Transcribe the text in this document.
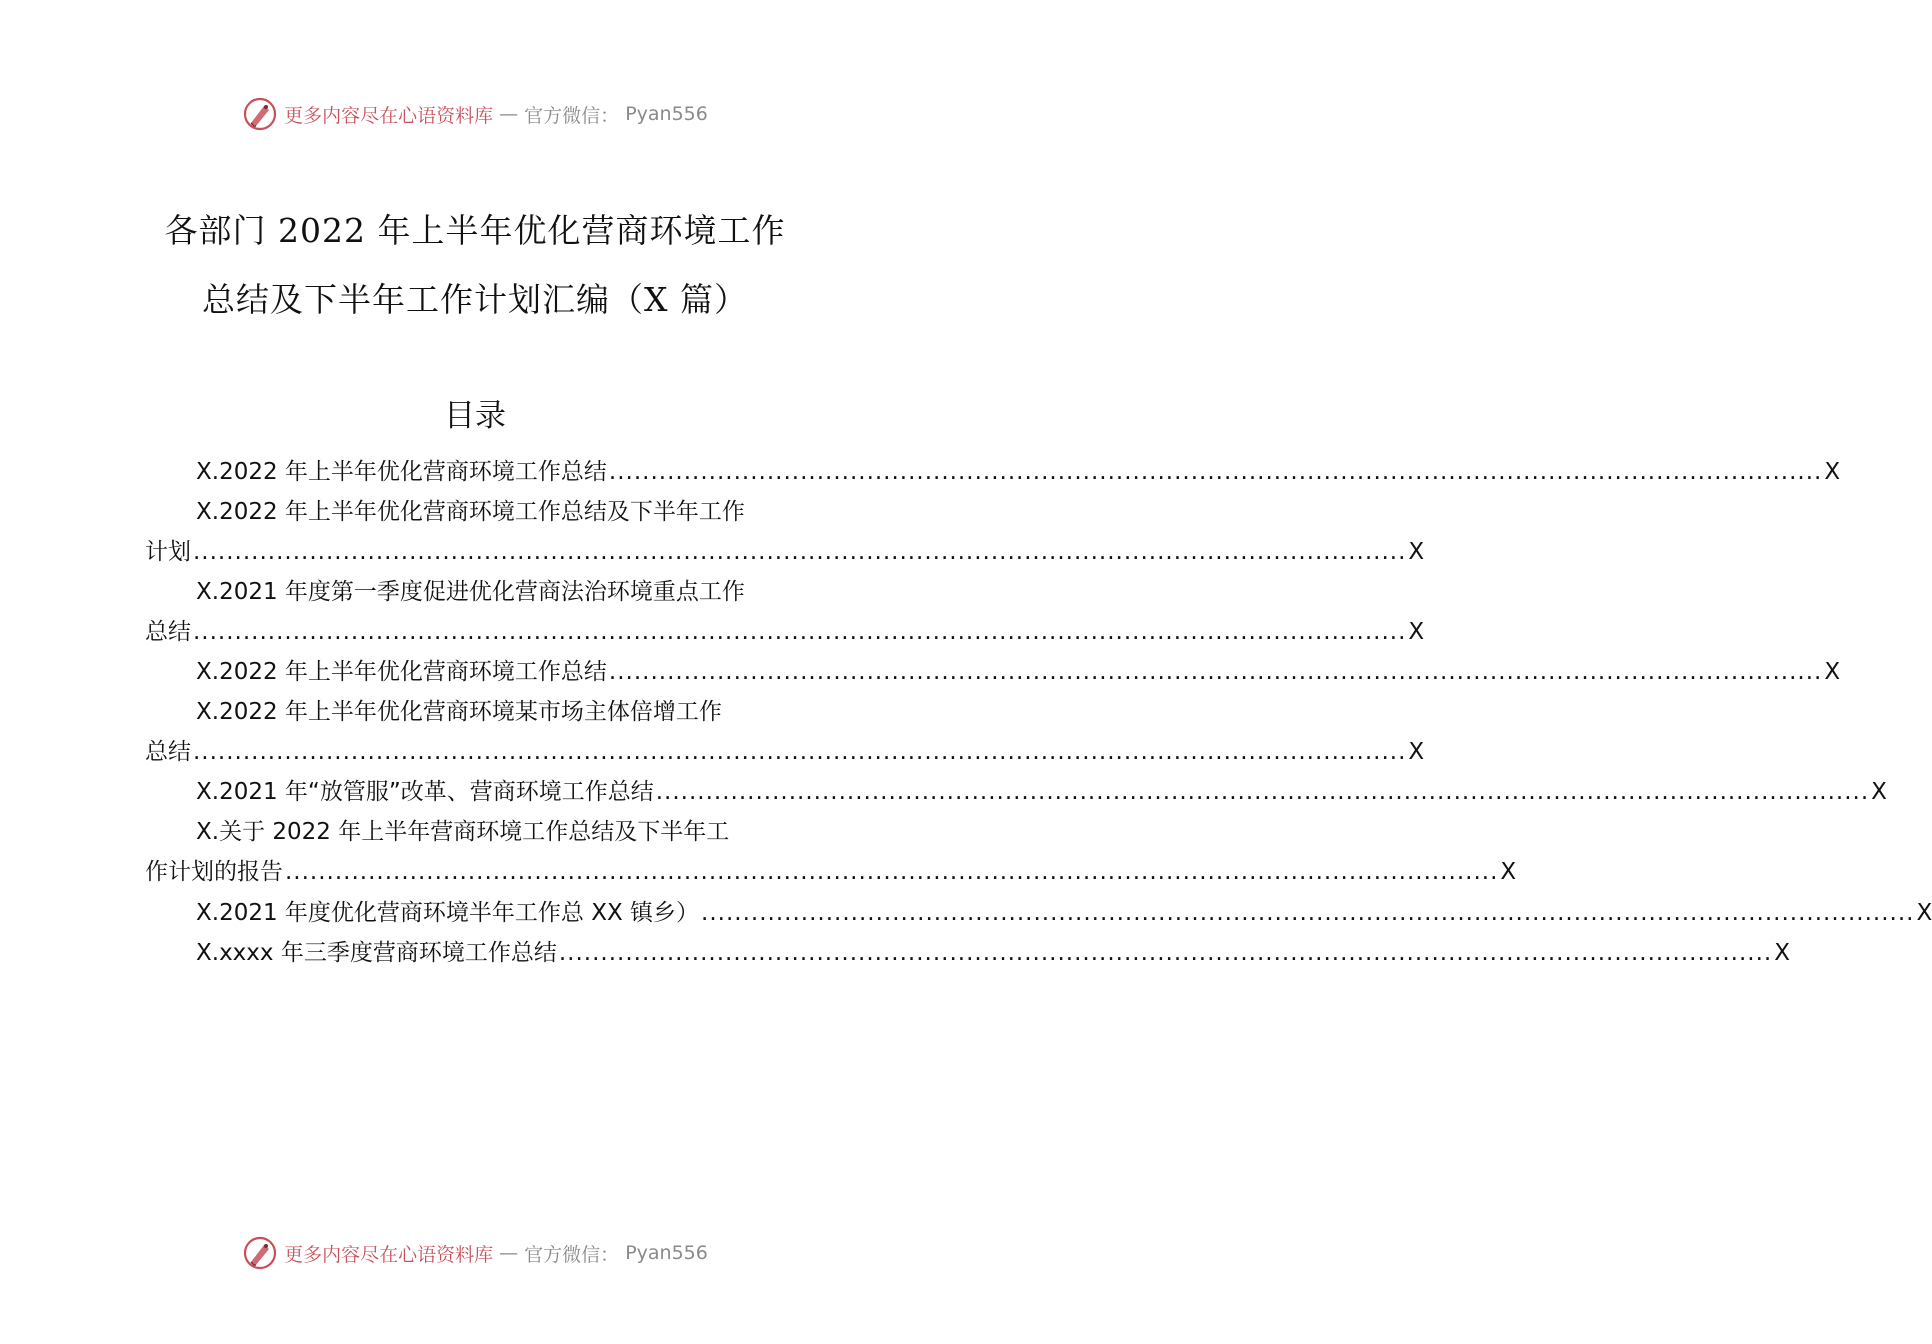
更多内容尽在心语资料库 — 官方微信： Pyan556
各部门 2022 年上半年优化营商环境工作
总结及下半年工作计划汇编（X 篇）
目录
X.2022 年上半年优化营商环境工作总结 .................................................................................................................................................. X
X.2022 年上半年优化营商环境工作总结及下半年工作
计划 .................................................................................................................................................. X
X.2021 年度第一季度促进优化营商法治环境重点工作
总结 .................................................................................................................................................. X
X.2022 年上半年优化营商环境工作总结 .................................................................................................................................................. X
X.2022 年上半年优化营商环境某市场主体倍增工作
总结 .................................................................................................................................................. X
X.2021 年“放管服”改革、营商环境工作总结 .................................................................................................................................................. X
X.关于 2022 年上半年营商环境工作总结及下半年工
作计划的报告 .................................................................................................................................................. X
X.2021 年度优化营商环境半年工作总 XX 镇乡） .................................................................................................................................................. X
X.xxxx 年三季度营商环境工作总结 .................................................................................................................................................. X
更多内容尽在心语资料库 — 官方微信： Pyan556
